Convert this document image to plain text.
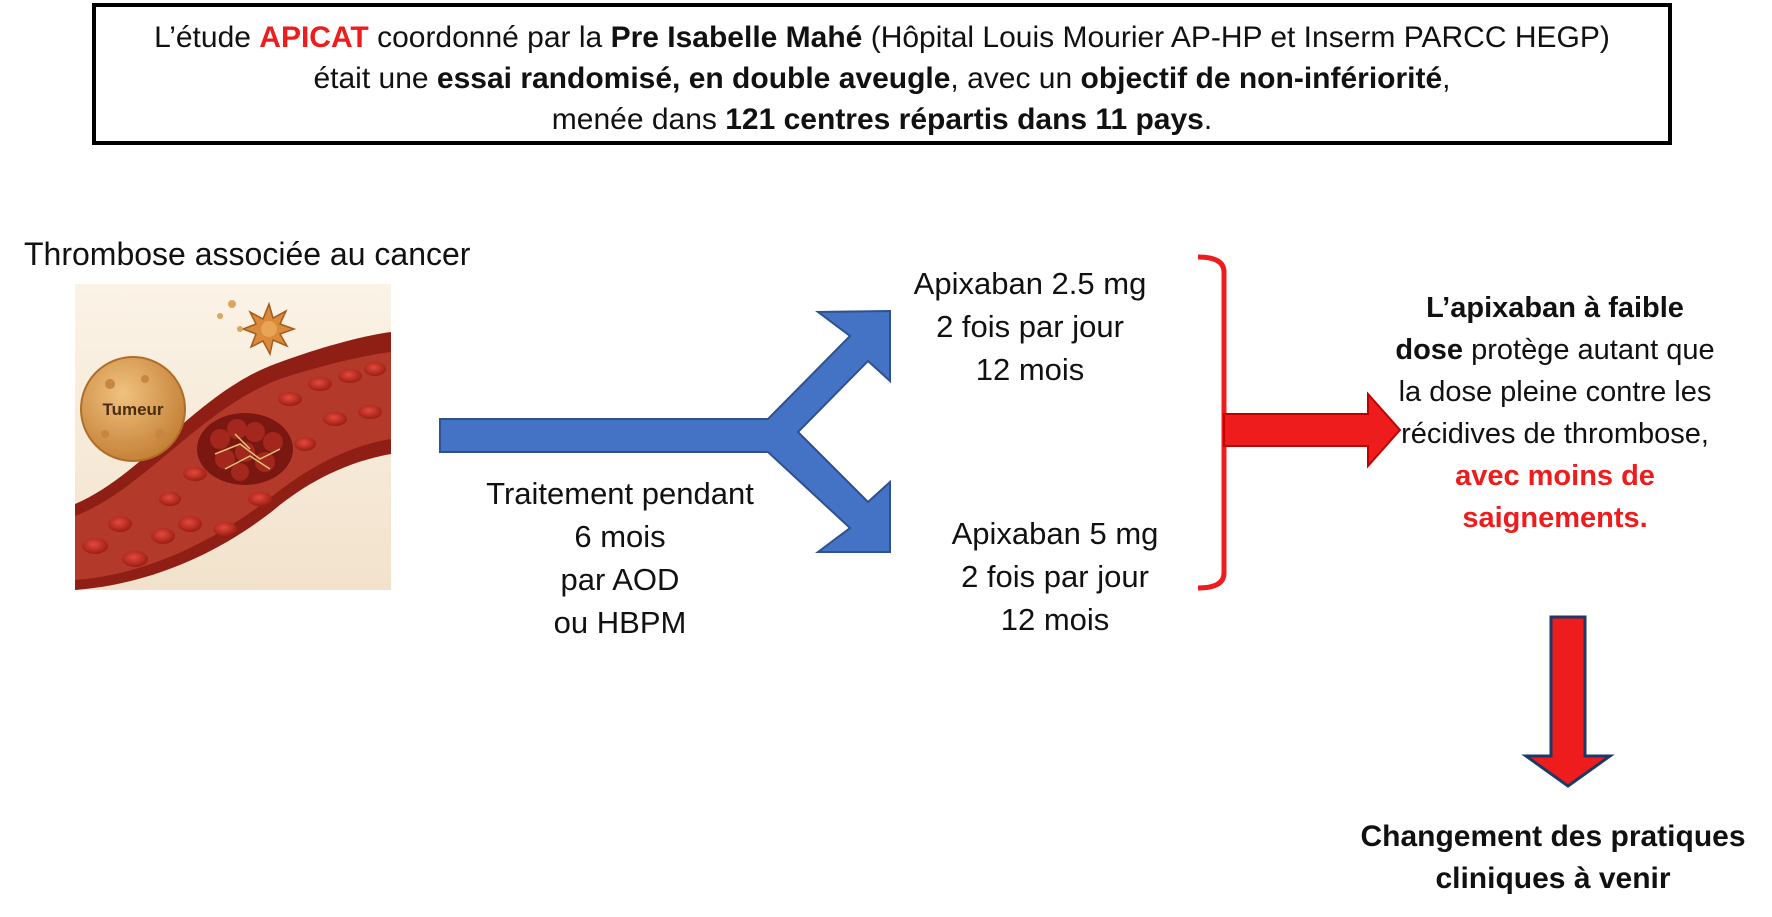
L’étude APICAT coordonné par la Pre Isabelle Mahé (Hôpital Louis Mourier AP-HP et Inserm PARCC HEGP)
était une essai randomisé, en double aveugle, avec un objectif de non-infériorité,
menée dans 121 centres répartis dans 11 pays.
Thrombose associée au cancer
Tumeur
Traitement pendant
6 mois
par AOD
ou HBPM
Apixaban 2.5 mg
2 fois par jour
12 mois
Apixaban 5 mg
2 fois par jour
12 mois
L’apixaban à faible dose protège autant que la dose pleine contre les récidives de thrombose, avec moins de saignements.
Changement des pratiques
cliniques à venir
